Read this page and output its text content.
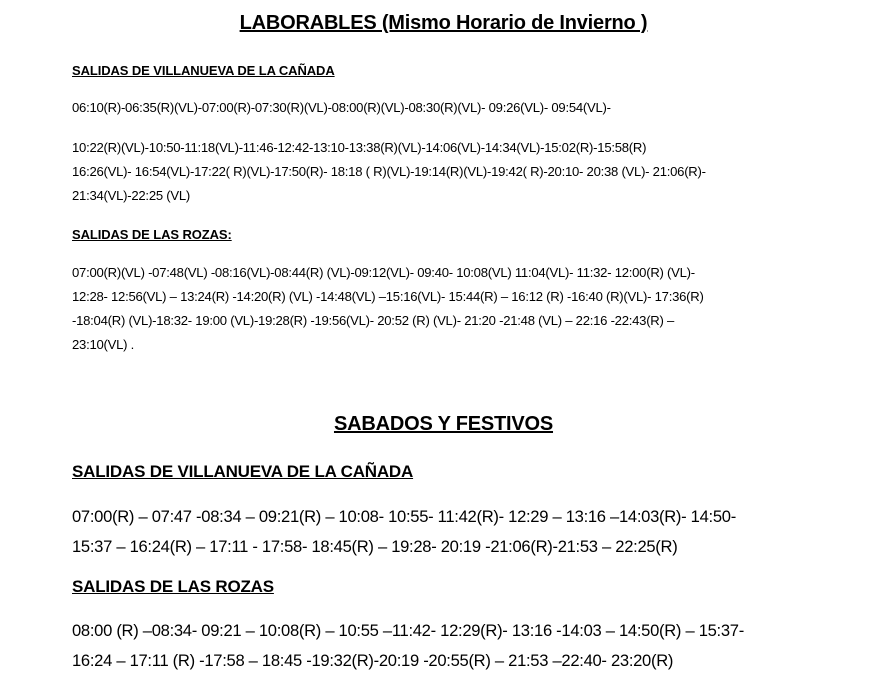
LABORABLES (Mismo Horario de Invierno )
SALIDAS DE VILLANUEVA DE LA CAÑADA
06:10(R)-06:35(R)(VL)-07:00(R)-07:30(R)(VL)-08:00(R)(VL)-08:30(R)(VL)- 09:26(VL)- 09:54(VL)-
10:22(R)(VL)-10:50-11:18(VL)-11:46-12:42-13:10-13:38(R)(VL)-14:06(VL)-14:34(VL)-15:02(R)-15:58(R)
16:26(VL)- 16:54(VL)-17:22( R)(VL)-17:50(R)- 18:18 ( R)(VL)-19:14(R)(VL)-19:42( R)-20:10- 20:38 (VL)- 21:06(R)-
21:34(VL)-22:25 (VL)
SALIDAS DE LAS ROZAS:
07:00(R)(VL) -07:48(VL) -08:16(VL)-08:44(R) (VL)-09:12(VL)- 09:40- 10:08(VL) 11:04(VL)- 11:32- 12:00(R) (VL)-
12:28- 12:56(VL) – 13:24(R) -14:20(R) (VL) -14:48(VL) –15:16(VL)- 15:44(R) – 16:12 (R) -16:40 (R)(VL)- 17:36(R)
-18:04(R) (VL)-18:32- 19:00 (VL)-19:28(R) -19:56(VL)- 20:52 (R) (VL)- 21:20 -21:48 (VL) – 22:16 -22:43(R) –
23:10(VL) .
SABADOS Y FESTIVOS
SALIDAS DE VILLANUEVA DE LA CAÑADA
07:00(R) – 07:47 -08:34 – 09:21(R) – 10:08- 10:55- 11:42(R)- 12:29 – 13:16 –14:03(R)- 14:50-
15:37 – 16:24(R) – 17:11 - 17:58- 18:45(R) – 19:28- 20:19 -21:06(R)-21:53 – 22:25(R)
SALIDAS DE LAS ROZAS
08:00 (R) –08:34- 09:21 – 10:08(R) – 10:55 –11:42- 12:29(R)- 13:16 -14:03 – 14:50(R) – 15:37-
16:24 – 17:11 (R) -17:58 – 18:45 -19:32(R)-20:19 -20:55(R) – 21:53 –22:40- 23:20(R)
